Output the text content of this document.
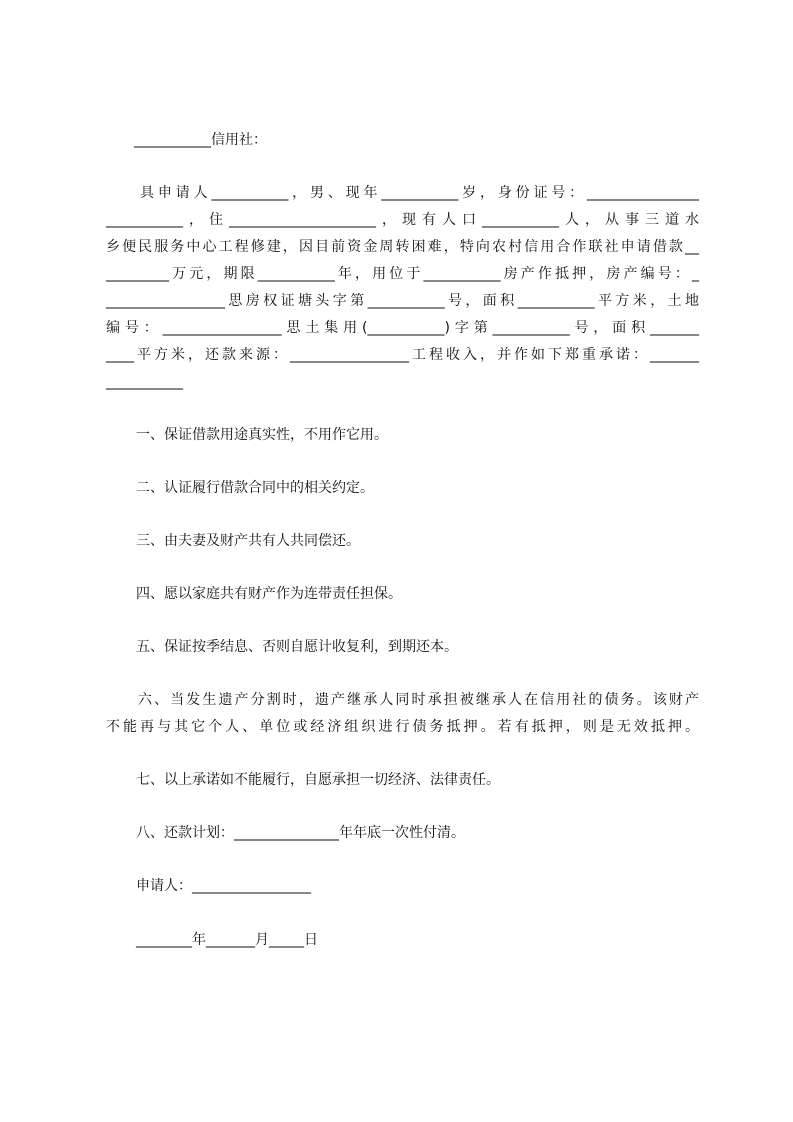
___________信用社：
具申请人___________，男、现年___________岁，身份证号：________________
___________，住_____________________，现有人口___________人，从事三道水
乡便民服务中心工程修建，因目前资金周转困难，特向农村信用合作联社申请借款__
_________万元，期限___________年，用位于___________房产作抵押，房产编号：_
_________________思房权证塘头字第___________号，面积___________平方米，土地
编号：_________________思土集用(___________)字第___________号，面积_______
____平方米，还款来源：_________________工程收入，并作如下郑重承诺：_______
___________
一、保证借款用途真实性，不用作它用。
二、认证履行借款合同中的相关约定。
三、由夫妻及财产共有人共同偿还。
四、愿以家庭共有财产作为连带责任担保。
五、保证按季结息、否则自愿计收复利，到期还本。
六、当发生遗产分割时，遗产继承人同时承担被继承人在信用社的债务。该财产
不能再与其它个人、单位或经济组织进行债务抵押。若有抵押，则是无效抵押。
七、以上承诺如不能履行，自愿承担一切经济、法律责任。
八、还款计划：_______________年年底一次性付清。
申请人：_________________
________年_______月_____日
